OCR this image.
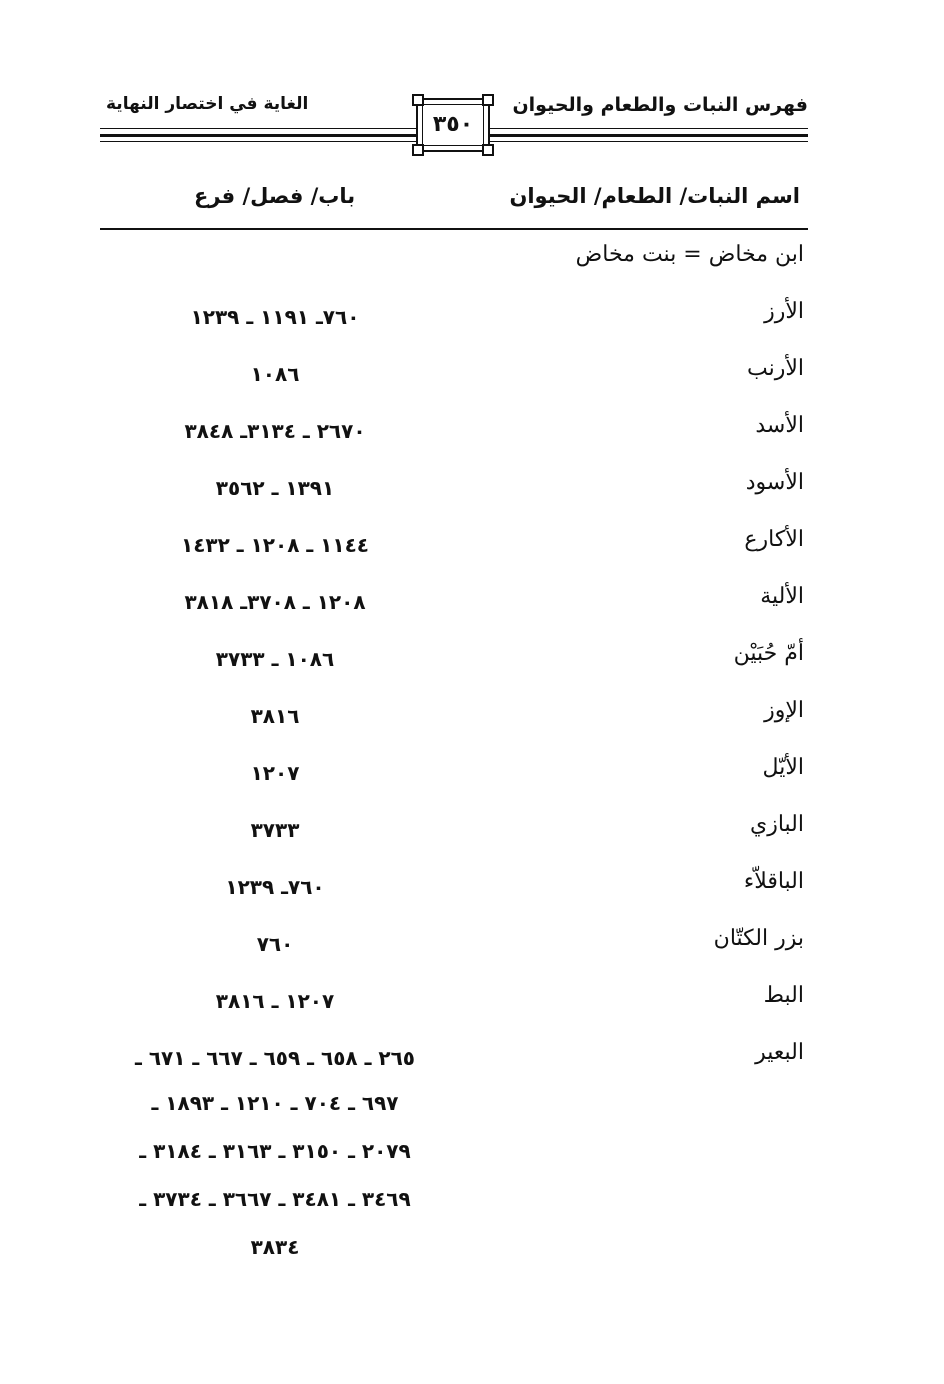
فهرس النبات والطعام والحيوان
الغاية في اختصار النهاية
٣٥٠
اسم النبات/ الطعام/ الحيوان
باب/ فصل/ فرع
ابن مخاض = بنت مخاض
الأرز
٧٦٠ـ ١١٩١ ـ ١٢٣٩
الأرنب
١٠٨٦
الأسد
٢٦٧٠ ـ ٣١٣٤ـ ٣٨٤٨
الأسود
١٣٩١ ـ ٣٥٦٢
الأكارع
١١٤٤ ـ ١٢٠٨ ـ ١٤٣٢
الألية
١٢٠٨ ـ ٣٧٠٨ـ ٣٨١٨
أمّ حُبَيْن
١٠٨٦ ـ ٣٧٣٣
الإوز
٣٨١٦
الأيّل
١٢٠٧
البازي
٣٧٣٣
الباقلاّء
٧٦٠ـ ١٢٣٩
بزر الكتّان
٧٦٠
البط
١٢٠٧ ـ ٣٨١٦
البعير
٢٦٥ ـ ٦٥٨ ـ ٦٥٩ ـ ٦٦٧ ـ ٦٧١ ـ
٦٩٧ ـ ٧٠٤ ـ ١٢١٠ ـ ١٨٩٣ ـ
٢٠٧٩ ـ ٣١٥٠ ـ ٣١٦٣ ـ ٣١٨٤ ـ
٣٤٦٩ ـ ٣٤٨١ ـ ٣٦٦٧ ـ ٣٧٣٤ ـ
٣٨٣٤
